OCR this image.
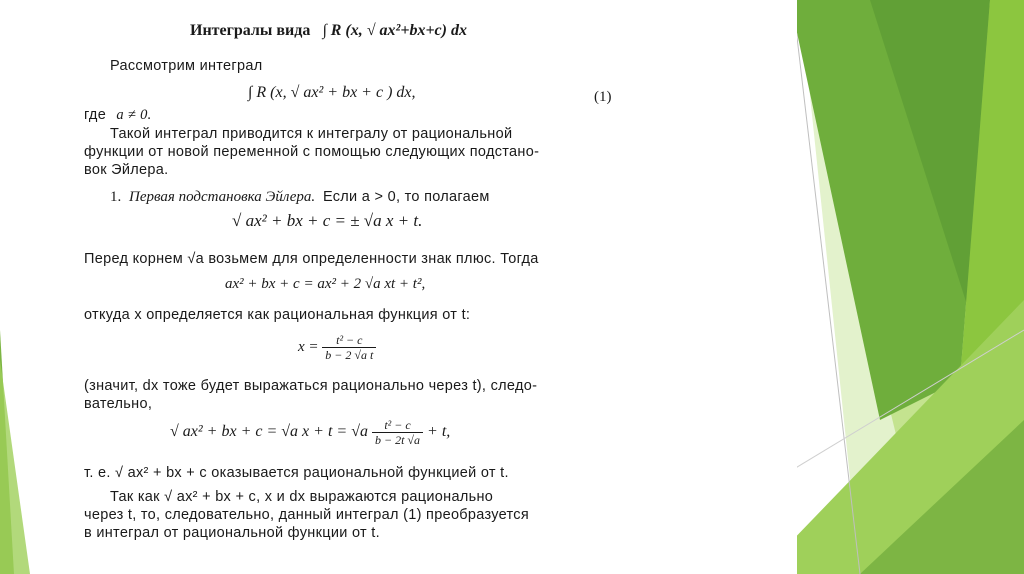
Интегралы вида ∫ R (x, √ ax²+bx+c) dx
Рассмотрим интеграл
∫ R (x, √ ax² + bx + c ) dx,	(1)
где a ≠ 0.
Такой интеграл приводится к интегралу от рациональной
функции от новой переменной с помощью следующих подстано-
вок Эйлера.
1. Первая подстановка Эйлера. Если a > 0, то полагаем
√ ax² + bx + c = ± √a x + t.
Перед корнем √a возьмем для определенности знак плюс. Тогда
ax² + bx + c = ax² + 2 √a xt + t²,
откуда x определяется как рациональная функция от t:
$x = \frac{\text{t² − c}}{\text{b − 2 √a t}}$
(значит, dx тоже будет выражаться рационально через t), следо-
вательно,
√ ax² + bx + c = √a $x + t = √a \frac{\text{t² − c}}{b - 2t √a} + t$,
т. е. √ ax² + bx + c оказывается рациональной функцией от t.
Так как √ ax² + bx + c, x и dx выражаются рационально
через t, то, следовательно, данный интеграл (1) преобразуется
в интеграл от рациональной функции от t.
